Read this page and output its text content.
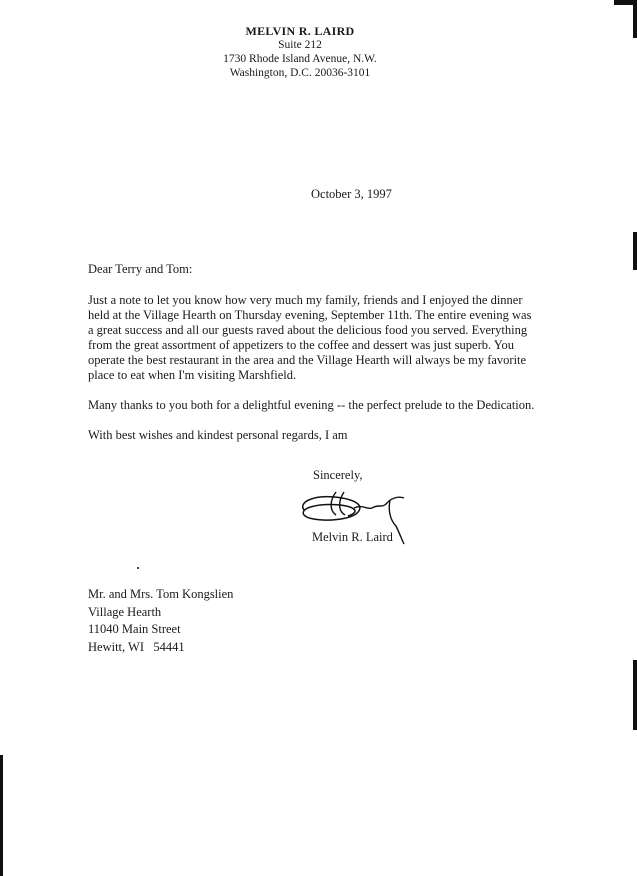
MELVIN R. LAIRD
Suite 212
1730 Rhode Island Avenue, N.W.
Washington, D.C. 20036-3101
October 3, 1997

Dear Terry and Tom:

Just a note to let you know how very much my family, friends and I enjoyed the dinner held at the Village Hearth on Thursday evening, September 11th. The entire evening was a great success and all our guests raved about the delicious food you served. Everything from the great assortment of appetizers to the coffee and dessert was just superb. You operate the best restaurant in the area and the Village Hearth will always be my favorite place to eat when I'm visiting Marshfield.

Many thanks to you both for a delightful evening -- the perfect prelude to the Dedication.

With best wishes and kindest personal regards, I am

Sincerely,
Melvin R. Laird
Mr. and Mrs. Tom Kongslien
Village Hearth
11040 Main Street
Hewitt, WI   54441
